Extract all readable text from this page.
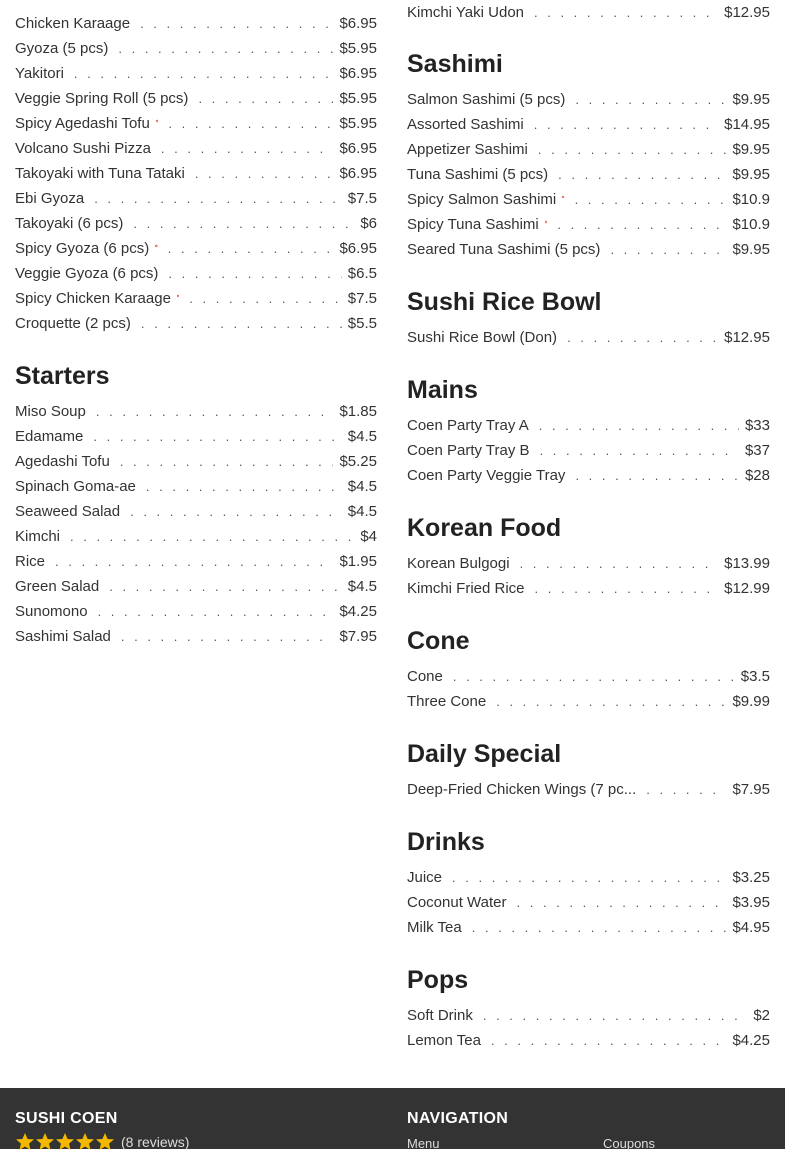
Chicken Karaage . . .	$6.95
Gyoza (5 pcs) . . .	$5.95
Yakitori . . .	$6.95
Veggie Spring Roll (5 pcs) . . .	$5.95
Spicy Agedashi Tofu . . .	$5.95
Volcano Sushi Pizza . . .	$6.95
Takoyaki with Tuna Tataki . . .	$6.95
Ebi Gyoza . . .	$7.5
Takoyaki (6 pcs) . . .	$6
Spicy Gyoza (6 pcs) . . .	$6.95
Veggie Gyoza (6 pcs) . . .	$6.5
Spicy Chicken Karaage . . .	$7.5
Croquette (2 pcs) . . .	$5.5
Starters
Miso Soup . . .	$1.85
Edamame . . .	$4.5
Agedashi Tofu . . .	$5.25
Spinach Goma-ae . . .	$4.5
Seaweed Salad . . .	$4.5
Kimchi . . .	$4
Rice . . .	$1.95
Green Salad . . .	$4.5
Sunomono . . .	$4.25
Sashimi Salad . . .	$7.95
Kimchi Yaki Udon . . .	$12.95
Sashimi
Salmon Sashimi (5 pcs) . . .	$9.95
Assorted Sashimi . . .	$14.95
Appetizer Sashimi . . .	$9.95
Tuna Sashimi (5 pcs) . . .	$9.95
Spicy Salmon Sashimi . . .	$10.9
Spicy Tuna Sashimi . . .	$10.9
Seared Tuna Sashimi (5 pcs) . . .	$9.95
Sushi Rice Bowl
Sushi Rice Bowl (Don) . . .	$12.95
Mains
Coen Party Tray A . . .	$33
Coen Party Tray B . . .	$37
Coen Party Veggie Tray . . .	$28
Korean Food
Korean Bulgogi . . .	$13.99
Kimchi Fried Rice . . .	$12.99
Cone
Cone . . .	$3.5
Three Cone . . .	$9.99
Daily Special
Deep-Fried Chicken Wings (7 pc... . . .	$7.95
Drinks
Juice . . .	$3.25
Coconut Water . . .	$3.95
Milk Tea . . .	$4.95
Pops
Soft Drink . . .	$2
Lemon Tea . . .	$4.25
SUSHI COEN
(8 reviews)
NAVIGATION
Menu	Coupons
